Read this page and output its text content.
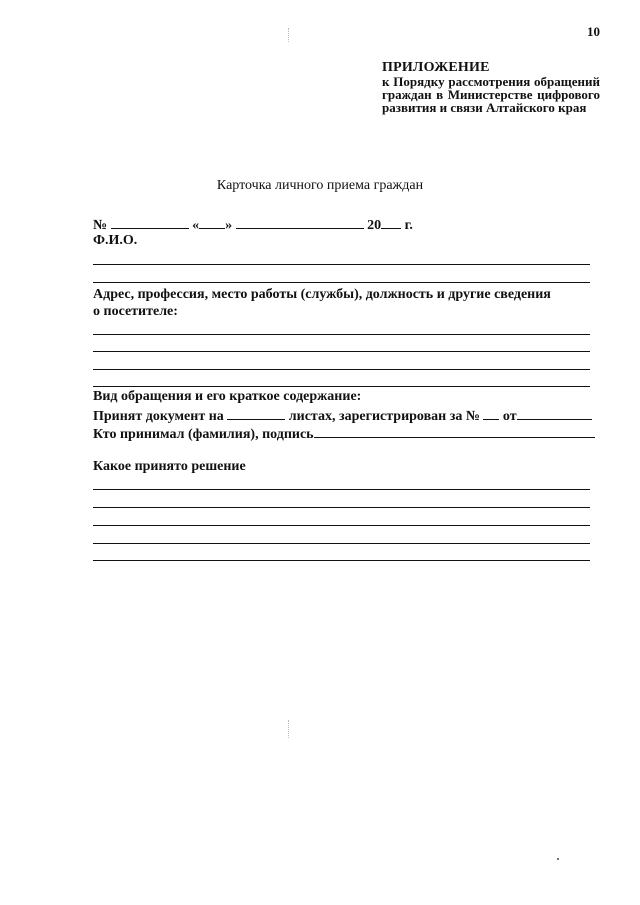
10
ПРИЛОЖЕНИЕ
к Порядку рассмотрения обращений граждан в Министерстве цифрового развития и связи Алтайского края
Карточка личного приема граждан
№	« »	20 г.
Ф.И.О.
Адрес, профессия, место работы (службы), должность и другие сведения
о посетителе:
Вид обращения и его краткое содержание:
Принят документ на	листах, зарегистрирован за № от
Кто принимал (фамилия), подпись
Какое принято решение
